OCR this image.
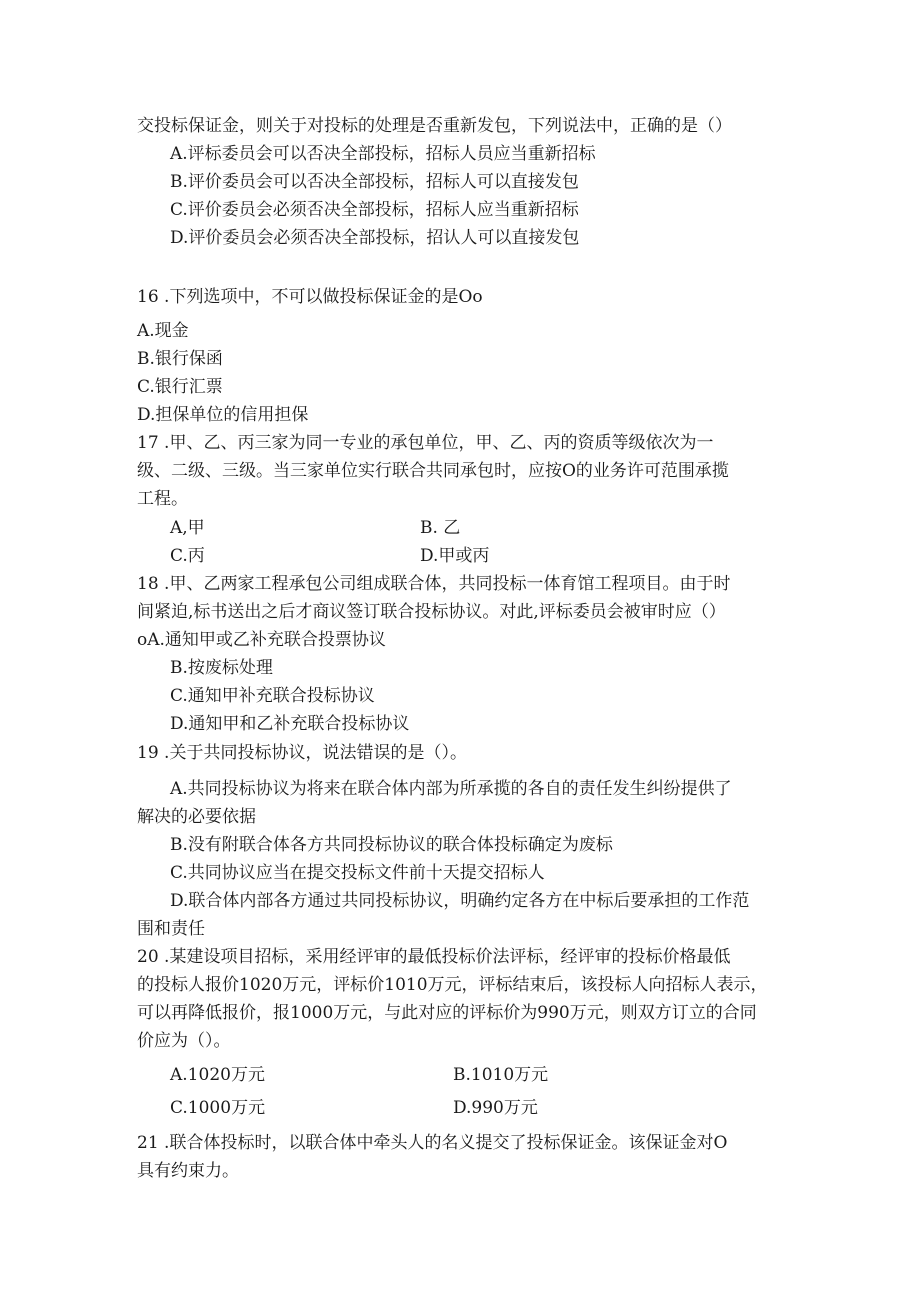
交投标保证金，则关于对投标的处理是否重新发包，下列说法中，正确的是（）
A.评标委员会可以否决全部投标，招标人员应当重新招标
B.评价委员会可以否决全部投标，招标人可以直接发包
C.评价委员会必须否决全部投标，招标人应当重新招标
D.评价委员会必须否决全部投标，招认人可以直接发包
16 .下列选项中，不可以做投标保证金的是Oo
A.现金
B.银行保函
C.银行汇票
D.担保单位的信用担保
17 .甲、乙、丙三家为同一专业的承包单位，甲、乙、丙的资质等级依次为一
级、二级、三级。当三家单位实行联合共同承包时，应按O的业务许可范围承揽
工程。
A,甲	B. 乙
C.丙	D.甲或丙
18 .甲、乙两家工程承包公司组成联合体，共同投标一体育馆工程项目。由于时
间紧迫,标书送出之后才商议签订联合投标协议。对此,评标委员会被审时应（）
oA.通知甲或乙补充联合投票协议
B.按废标处理
C.通知甲补充联合投标协议
D.通知甲和乙补充联合投标协议
19 .关于共同投标协议，说法错误的是（）。
A.共同投标协议为将来在联合体内部为所承揽的各自的责任发生纠纷提供了
解决的必要依据
B.没有附联合体各方共同投标协议的联合体投标确定为废标
C.共同协议应当在提交投标文件前十天提交招标人
D.联合体内部各方通过共同投标协议，明确约定各方在中标后要承担的工作范
围和责任
20 .某建设项目招标，采用经评审的最低投标价法评标，经评审的投标价格最低
的投标人报价1020万元，评标价1010万元，评标结束后，该投标人向招标人表示，
可以再降低报价，报1000万元，与此对应的评标价为990万元，则双方订立的合同
价应为（）。
A.1020万元	B.1010万元
C.1000万元	D.990万元
21 .联合体投标时，以联合体中牵头人的名义提交了投标保证金。该保证金对O
具有约束力。
